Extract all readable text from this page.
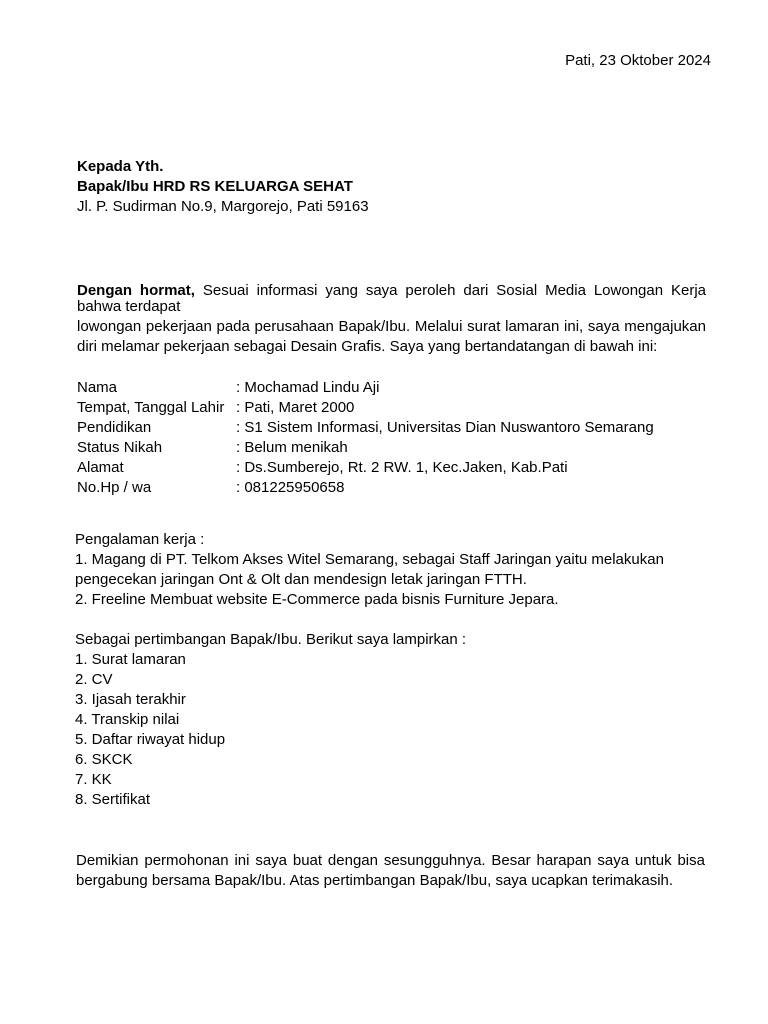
Pati, 23 Oktober 2024
Kepada Yth.
Bapak/Ibu HRD RS KELUARGA SEHAT
Jl. P. Sudirman No.9, Margorejo, Pati 59163

Dengan hormat, Sesuai informasi yang saya peroleh dari Sosial Media Lowongan Kerja bahwa terdapat

lowongan pekerjaan pada perusahaan Bapak/Ibu. Melalui surat lamaran ini, saya mengajukan diri melamar pekerjaan sebagai Desain Grafis. Saya yang bertandatangan di bawah ini:

Nama	: Mochamad Lindu Aji
Tempat, Tanggal Lahir : Pati, Maret 2000
Pendidikan	: S1 Sistem Informasi, Universitas Dian Nuswantoro Semarang
Status Nikah	: Belum menikah
Alamat	: Ds.Sumberejo, Rt. 2 RW. 1, Kec.Jaken, Kab.Pati
No.Hp / wa	: 081225950658
Pengalaman kerja :
1. Magang di PT. Telkom Akses Witel Semarang, sebagai Staff Jaringan yaitu melakukan
pengecekan jaringan Ont & Olt dan mendesign letak jaringan FTTH.
2. Freeline Membuat website E-Commerce pada bisnis Furniture Jepara.
Sebagai pertimbangan Bapak/Ibu. Berikut saya lampirkan :
1. Surat lamaran
2. CV
3. Ijasah terakhir
4. Transkip nilai
5. Daftar riwayat hidup
6. SKCK
7. KK
8. Sertifikat

Demikian permohonan ini saya buat dengan sesungguhnya. Besar harapan saya untuk bisa bergabung bersama Bapak/Ibu. Atas pertimbangan Bapak/Ibu, saya ucapkan terimakasih.
